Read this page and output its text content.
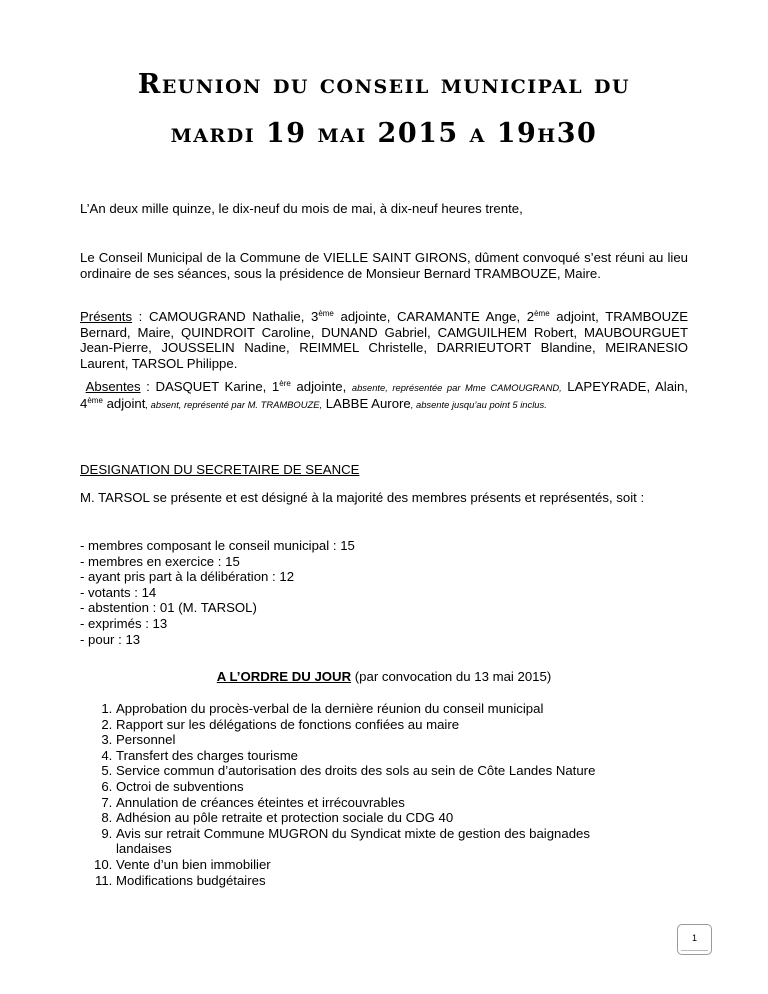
Reunion du conseil municipal du
mardi 19 mai 2015 a 19h30

L’An deux mille quinze, le dix-neuf du mois de mai, à dix-neuf heures trente,

Le Conseil Municipal de la Commune de VIELLE SAINT GIRONS, dûment convoqué s’est réuni au lieu ordinaire de ses séances, sous la présidence de Monsieur Bernard TRAMBOUZE, Maire.

Présents : CAMOUGRAND Nathalie, 3ème adjointe, CARAMANTE Ange, 2ème adjoint, TRAMBOUZE Bernard, Maire, QUINDROIT Caroline, DUNAND Gabriel, CAMGUILHEM Robert, MAUBOURGUET Jean-Pierre, JOUSSELIN Nadine, REIMMEL Christelle, DARRIEUTORT Blandine, MEIRANESIO Laurent, TARSOL Philippe.

Absentes : DASQUET Karine, 1ère adjointe, absente, représentée par Mme CAMOUGRAND, LAPEYRADE, Alain, 4ème adjoint, absent, représenté par M. TRAMBOUZE, LABBE Aurore, absente jusqu’au point 5 inclus.

DESIGNATION DU SECRETAIRE DE SEANCE

M. TARSOL se présente et est désigné à la majorité des membres présents et représentés, soit :

- membres composant le conseil municipal : 15
- membres en exercice : 15
- ayant pris part à la délibération : 12
- votants : 14
- abstention : 01 (M. TARSOL)
- exprimés : 13
- pour : 13

A L’ORDRE DU JOUR (par convocation du 13 mai 2015)

1. Approbation du procès-verbal de la dernière réunion du conseil municipal
2. Rapport sur les délégations de fonctions confiées au maire
3. Personnel
4. Transfert des charges tourisme
5. Service commun d’autorisation des droits des sols au sein de Côte Landes Nature
6. Octroi de subventions
7. Annulation de créances éteintes et irrécouvrables
8. Adhésion au pôle retraite et protection sociale du CDG 40
9. Avis sur retrait Commune MUGRON du Syndicat mixte de gestion des baignades landaises
10. Vente d’un bien immobilier
11. Modifications budgétaires
1
